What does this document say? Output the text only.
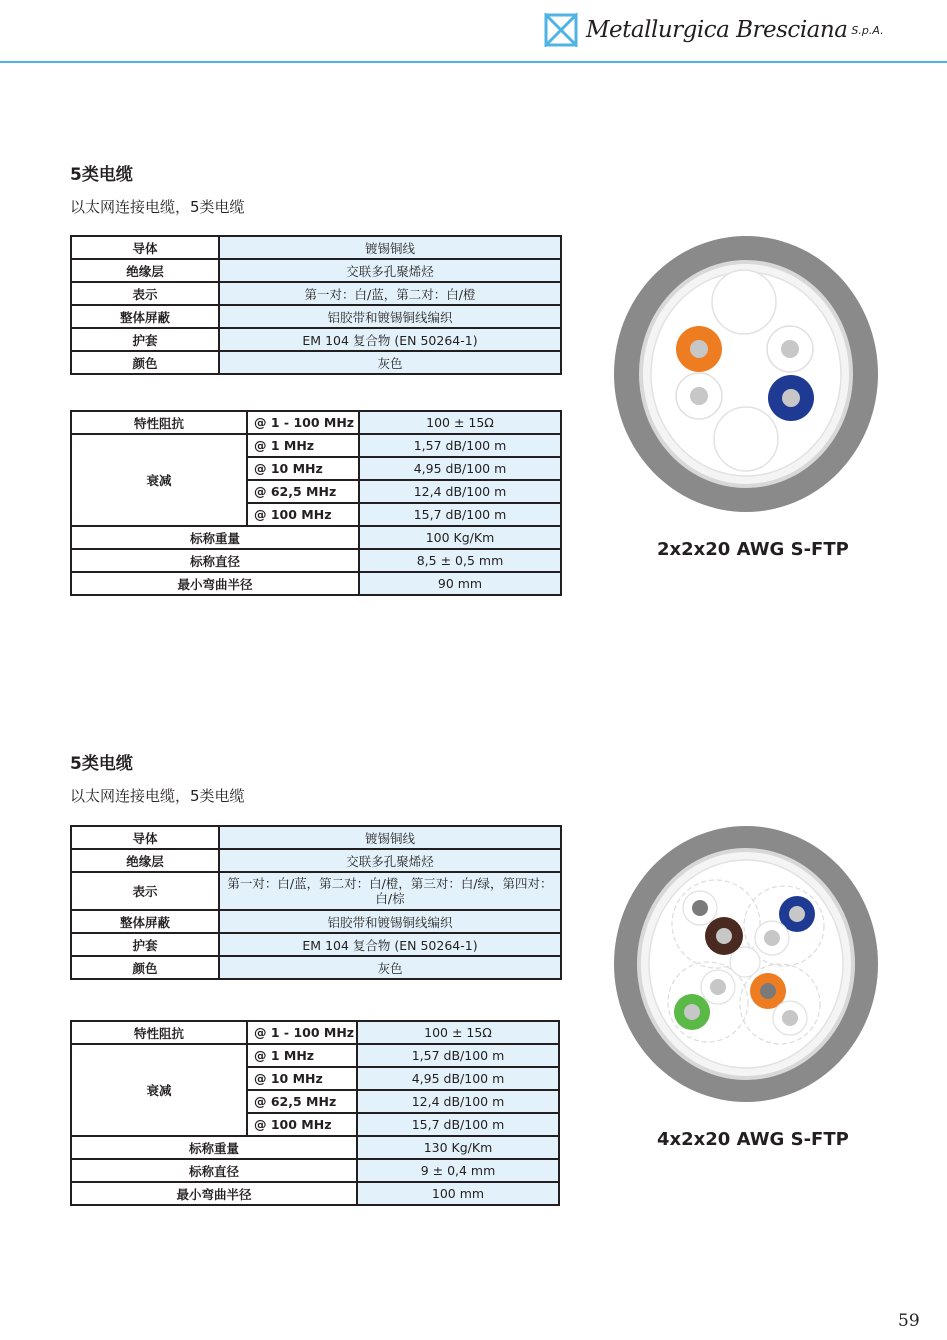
Metallurgica Bresciana S.p.A.
5类电缆
以太网连接电缆，5类电缆
导体	镀锡铜线
绝缘层	交联多孔聚烯烃
表示	第一对：白/蓝，第二对：白/橙
整体屏蔽	铝胶带和镀锡铜线编织
护套	EM 104 复合物 (EN 50264-1)
颜色	灰色
特性阻抗	@ 1 - 100 MHz	100 ± 15Ω
衰减	@ 1 MHz	1,57 dB/100 m
	@ 10 MHz	4,95 dB/100 m
	@ 62,5 MHz	12,4 dB/100 m
	@ 100 MHz	15,7 dB/100 m
标称重量		100 Kg/Km
标称直径		8,5 ± 0,5 mm
最小弯曲半径		90 mm
2x2x20 AWG S-FTP
5类电缆
以太网连接电缆，5类电缆
导体	镀锡铜线
绝缘层	交联多孔聚烯烃
表示	第一对：白/蓝，第二对：白/橙，第三对：白/绿，第四对：白/棕
整体屏蔽	铝胶带和镀锡铜线编织
护套	EM 104 复合物 (EN 50264-1)
颜色	灰色
特性阻抗	@ 1 - 100 MHz	100 ± 15Ω
衰减	@ 1 MHz	1,57 dB/100 m
	@ 10 MHz	4,95 dB/100 m
	@ 62,5 MHz	12,4 dB/100 m
	@ 100 MHz	15,7 dB/100 m
标称重量		130 Kg/Km
标称直径		9 ± 0,4 mm
最小弯曲半径		100 mm
4x2x20 AWG S-FTP
59
